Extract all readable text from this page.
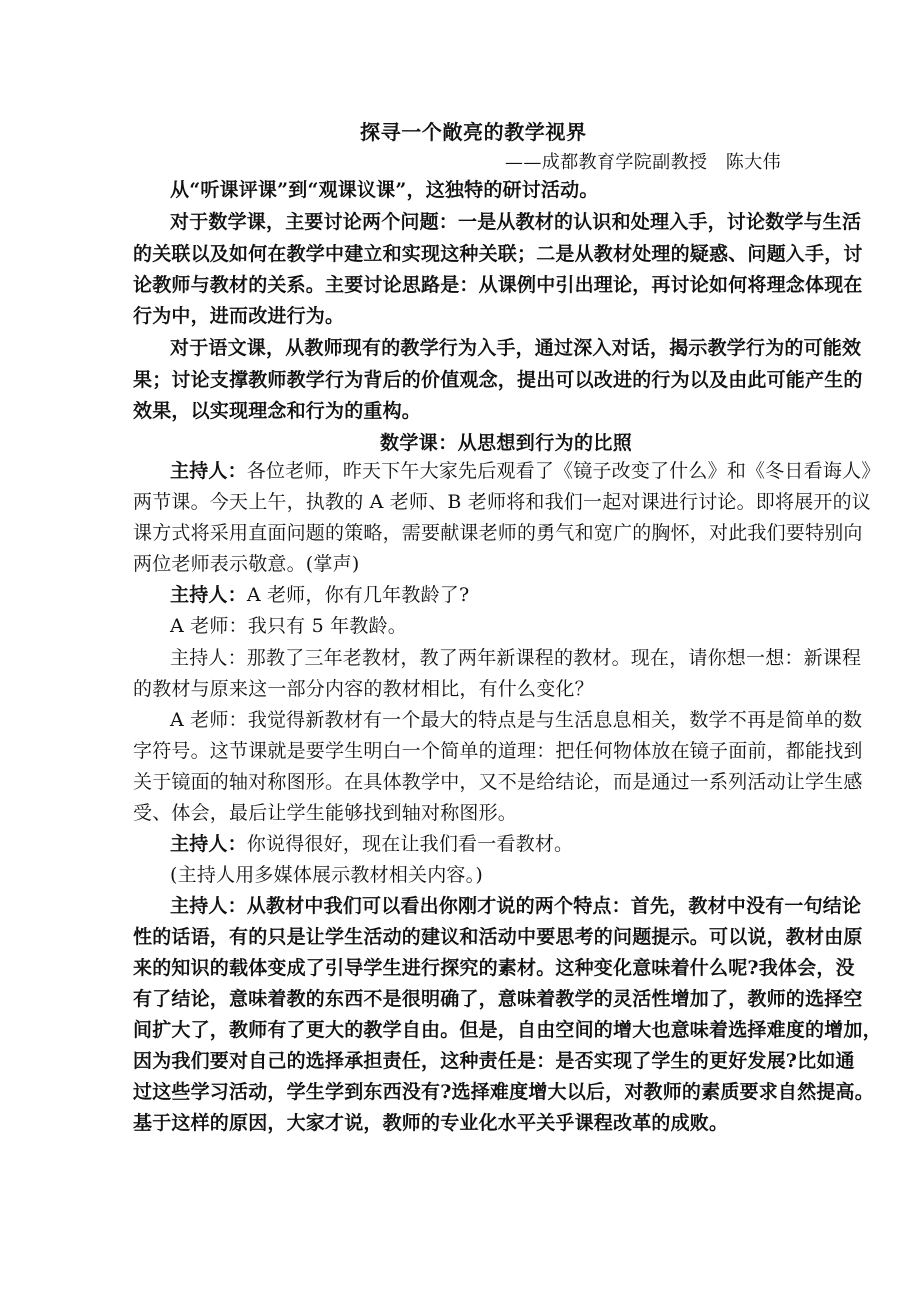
探寻一个敞亮的教学视界
——成都教育学院副教授　陈大伟
从“听课评课”到“观课议课”，这独特的研讨活动。
对于数学课，主要讨论两个问题：一是从教材的认识和处理入手，讨论数学与生活
的关联以及如何在教学中建立和实现这种关联；二是从教材处理的疑惑、问题入手，讨
论教师与教材的关系。主要讨论思路是：从课例中引出理论，再讨论如何将理念体现在
行为中，进而改进行为。
对于语文课，从教师现有的教学行为入手，通过深入对话，揭示教学行为的可能效
果；讨论支撑教师教学行为背后的价值观念，提出可以改进的行为以及由此可能产生的
效果，以实现理念和行为的重构。
数学课：从思想到行为的比照
主持人：各位老师，昨天下午大家先后观看了《镜子改变了什么》和《冬日看诲人》
两节课。今天上午，执教的 A 老师、B 老师将和我们一起对课进行讨论。即将展开的议
课方式将采用直面问题的策略，需要献课老师的勇气和宽广的胸怀，对此我们要特别向
两位老师表示敬意。(掌声)
主持人：A 老师，你有几年教龄了?
A 老师：我只有 5 年教龄。
主持人：那教了三年老教材，教了两年新课程的教材。现在，请你想一想：新课程
的教材与原来这一部分内容的教材相比，有什么变化？
A 老师：我觉得新教材有一个最大的特点是与生活息息相关，数学不再是简单的数
字符号。这节课就是要学生明白一个简单的道理：把任何物体放在镜子面前，都能找到
关于镜面的轴对称图形。在具体教学中，又不是给结论，而是通过一系列活动让学生感
受、体会，最后让学生能够找到轴对称图形。
主持人：你说得很好，现在让我们看一看教材。
(主持人用多媒体展示教材相关内容。)
主持人：从教材中我们可以看出你刚才说的两个特点：首先，教材中没有一句结论
性的话语，有的只是让学生活动的建议和活动中要思考的问题提示。可以说，教材由原
来的知识的载体变成了引导学生进行探究的素材。这种变化意味着什么呢?我体会，没
有了结论，意味着教的东西不是很明确了，意味着教学的灵活性增加了，教师的选择空
间扩大了，教师有了更大的教学自由。但是，自由空间的增大也意味着选择难度的增加，
因为我们要对自己的选择承担责任，这种责任是：是否实现了学生的更好发展?比如通
过这些学习活动，学生学到东西没有?选择难度增大以后，对教师的素质要求自然提高。
基于这样的原因，大家才说，教师的专业化水平关乎课程改革的成败。
